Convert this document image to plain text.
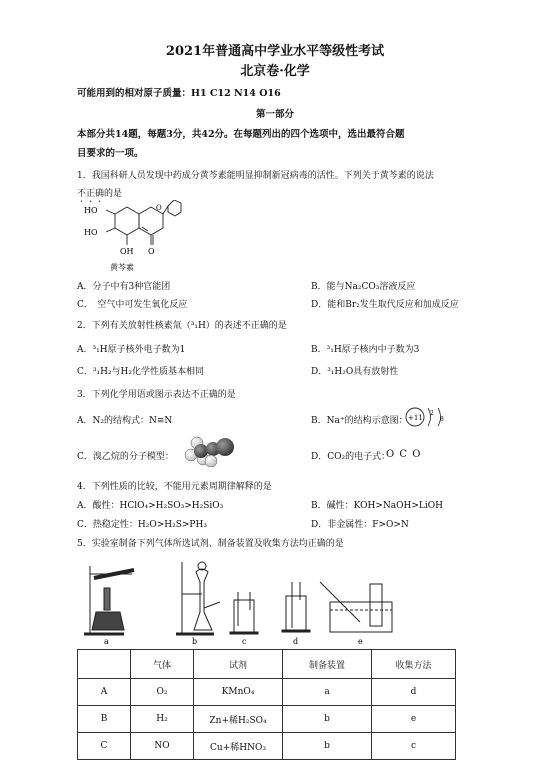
2021年普通高中学业水平等级性考试
北京卷·化学
可能用到的相对原子质量：H1 C12 N14 O16
第一部分
本部分共14题，每题3分，共42分。在每题列出的四个选项中，选出最符合题
目要求的一项。
1．我国科研人员发现中药成分黄芩素能明显抑制新冠病毒的活性。下列关于黄芩素的说法
不正确的是
HO
HO
OH O
O
黄芩素
A．分子中有3种官能团	B．能与Na₂CO₃溶液反应
C．　空气中可发生氧化反应	D．能和Br₂发生取代反应和加成反应
2．下列有关放射性核素氚（³₁H）的表述不正确的是
A．³₁H原子核外电子数为1	B．³₁H原子核内中子数为3
C．³₁H₂与H₂化学性质基本相同	D．³₁H₂O具有放射性
3．下列化学用语或图示表达不正确的是
A．N₂的结构式：N≡N	B．Na⁺的结构示意图： +11
2
8
C．溴乙烷的分子模型：	D．CO₂的电子式：
O C O
4．下列性质的比较，不能用元素周期律解释的是
A．酸性：HClO₄>H₂SO₃>H₂SiO₃	B．碱性：KOH>NaOH>LiOH
C．热稳定性：H₂O>H₂S>PH₃	D．非金属性：F>O>N
5．实验室制备下列气体所选试剂、制备装置及收集方法均正确的是
a	b	c	d	e
	气体	试剂	制备装置	收集方法
A	O₂	KMnO₄	a	d
B	H₂	Zn+稀H₂SO₄	b	e
C	NO	Cu+稀HNO₃	b	c
